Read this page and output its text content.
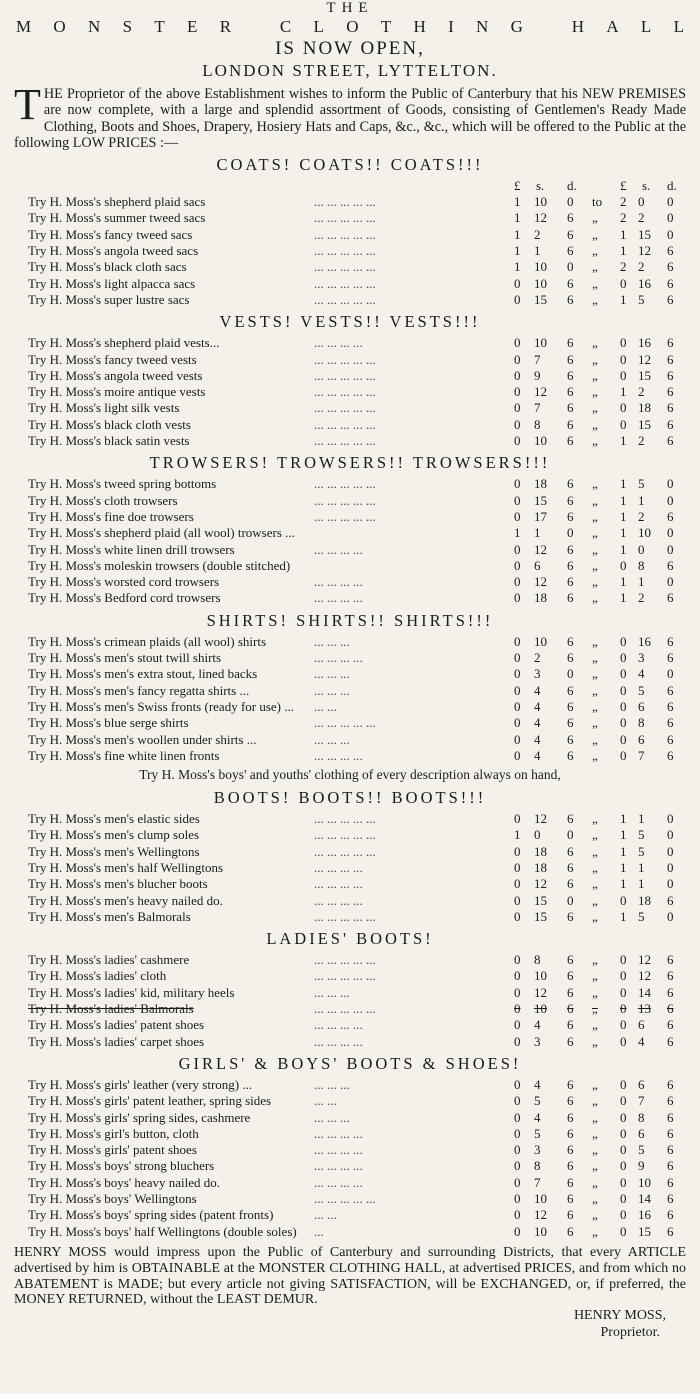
THE
M O N S T E R
	C L O T H I N G
	H A L L
IS NOW OPEN,
LONDON STREET, LYTTELTON.
T HE Proprietor of the above Establishment wishes to inform the Public of Canterbury that his NEW PREMISES are now complete, with a large and splendid assortment of Goods, consisting of Gentlemen's Ready Made Clothing, Boots and Shoes, Drapery, Hosiery Hats and Caps, &c., &c., which will be offered to the Public at the following LOW PRICES :—
COATS! COATS!! COATS!!!
£ s. d.	£ s. d.
Try H. Moss's shepherd plaid sacs	... ... ... ... ...	1 10 0 to 2 0 0
Try H. Moss's summer tweed sacs	... ... ... ... ...	1 12 6 „ 2 2 0
Try H. Moss's fancy tweed sacs	... ... ... ... ...	1 2 6 „ 1 15 0
Try H. Moss's angola tweed sacs	... ... ... ... ...	1 1 6 „ 1 12 6
Try H. Moss's black cloth sacs	... ... ... ... ...	1 10 0 „ 2 2 6
Try H. Moss's light alpacca sacs	... ... ... ... ...	0 10 6 „ 0 16 6
Try H. Moss's super lustre sacs	... ... ... ... ...	0 15 6 „ 1 5 6
VESTS! VESTS!! VESTS!!!
Try H. Moss's shepherd plaid vests...	... ... ... ...	0 10 6 „ 0 16 6
Try H. Moss's fancy tweed vests	... ... ... ... ...	0 7 6 „ 0 12 6
Try H. Moss's angola tweed vests	... ... ... ... ...	0 9 6 „ 0 15 6
Try H. Moss's moire antique vests	... ... ... ... ...	0 12 6 „ 1 2 6
Try H. Moss's light silk vests	... ... ... ... ...	0 7 6 „ 0 18 6
Try H. Moss's black cloth vests	... ... ... ... ...	0 8 6 „ 0 15 6
Try H. Moss's black satin vests	... ... ... ... ...	0 10 6 „ 1 2 6
TROWSERS! TROWSERS!! TROWSERS!!!
Try H. Moss's tweed spring bottoms	... ... ... ... ...	0 18 6 „ 1 5 0
Try H. Moss's cloth trowsers	... ... ... ... ...	0 15 6 „ 1 1 0
Try H. Moss's fine doe trowsers	... ... ... ... ...	0 17 6 „ 1 2 6
Try H. Moss's shepherd plaid (all wool) trowsers ...	1 1 0 „ 1 10 0
Try H. Moss's white linen drill trowsers	... ... ... ...	0 12 6 „ 1 0 0
Try H. Moss's moleskin trowsers (double stitched)	0 6 6 „ 0 8 6
Try H. Moss's worsted cord trowsers	... ... ... ...	0 12 6 „ 1 1 0
Try H. Moss's Bedford cord trowsers	... ... ... ...	0 18 6 „ 1 2 6
SHIRTS! SHIRTS!! SHIRTS!!!
Try H. Moss's crimean plaids (all wool) shirts	... ... ...	0 10 6 „ 0 16 6
Try H. Moss's men's stout twill shirts	... ... ... ...	0 2 6 „ 0 3 6
Try H. Moss's men's extra stout, lined backs	... ... ...	0 3 0 „ 0 4 0
Try H. Moss's men's fancy regatta shirts ...	... ... ...	0 4 6 „ 0 5 6
Try H. Moss's men's Swiss fronts (ready for use) ... ... ...	0 4 6 „ 0 6 6
Try H. Moss's blue serge shirts	... ... ... ... ...	0 4 6 „ 0 8 6
Try H. Moss's men's woollen under shirts ...	... ... ...	0 4 6 „ 0 6 6
Try H. Moss's fine white linen fronts	... ... ... ...	0 4 6 „ 0 7 6
Try H. Moss's boys' and youths' clothing of every description always on hand,
BOOTS! BOOTS!! BOOTS!!!
Try H. Moss's men's elastic sides	... ... ... ... ...	0 12 6 „ 1 1 0
Try H. Moss's men's clump soles	... ... ... ... ...	1 0 0 „ 1 5 0
Try H. Moss's men's Wellingtons	... ... ... ... ...	0 18 6 „ 1 5 0
Try H. Moss's men's half Wellingtons	... ... ... ...	0 18 6 „ 1 1 0
Try H. Moss's men's blucher boots	... ... ... ...	0 12 6 „ 1 1 0
Try H. Moss's men's heavy nailed do.	... ... ... ...	0 15 0 „ 0 18 6
Try H. Moss's men's Balmorals	... ... ... ... ...	0 15 6 „ 1 5 0
LADIES' BOOTS!
Try H. Moss's ladies' cashmere	... ... ... ... ...	0 8 6 „ 0 12 6
Try H. Moss's ladies' cloth	... ... ... ... ...	0 10 6 „ 0 12 6
Try H. Moss's ladies' kid, military heels	... ... ...	0 12 6 „ 0 14 6
Try H. Moss's ladies' Balmorals	... ... ... ... ...	0 10 6 „ 0 13 6
Try H. Moss's ladies' patent shoes	... ... ... ...	0 4 6 „ 0 6 6
Try H. Moss's ladies' carpet shoes	... ... ... ...	0 3 6 „ 0 4 6
GIRLS' & BOYS' BOOTS & SHOES!
Try H. Moss's girls' leather (very strong) ...	... ... ...	0 4 6 „ 0 6 6
Try H. Moss's girls' patent leather, spring sides	... ...	0 5 6 „ 0 7 6
Try H. Moss's girls' spring sides, cashmere	... ... ...	0 4 6 „ 0 8 6
Try H. Moss's girl's button, cloth	... ... ... ...	0 5 6 „ 0 6 6
Try H. Moss's girls' patent shoes	... ... ... ...	0 3 6 „ 0 5 6
Try H. Moss's boys' strong bluchers	... ... ... ...	0 8 6 „ 0 9 6
Try H. Moss's boys' heavy nailed do.	... ... ... ...	0 7 6 „ 0 10 6
Try H. Moss's boys' Wellingtons	... ... ... ... ...	0 10 6 „ 0 14 6
Try H. Moss's boys' spring sides (patent fronts)	... ...	0 12 6 „ 0 16 6
Try H. Moss's boys' half Wellingtons (double soles) ...	0 10 6 „ 0 15 6
HENRY MOSS would impress upon the Public of Canterbury and surrounding Districts, that every ARTICLE advertised by him is OBTAINABLE at the MONSTER CLOTHING HALL, at advertised PRICES, and from which no ABATEMENT is MADE; but every article not giving SATISFACTION, will be EXCHANGED, or, if preferred, the MONEY RETURNED, without the LEAST DEMUR.
HENRY MOSS,
Proprietor.
